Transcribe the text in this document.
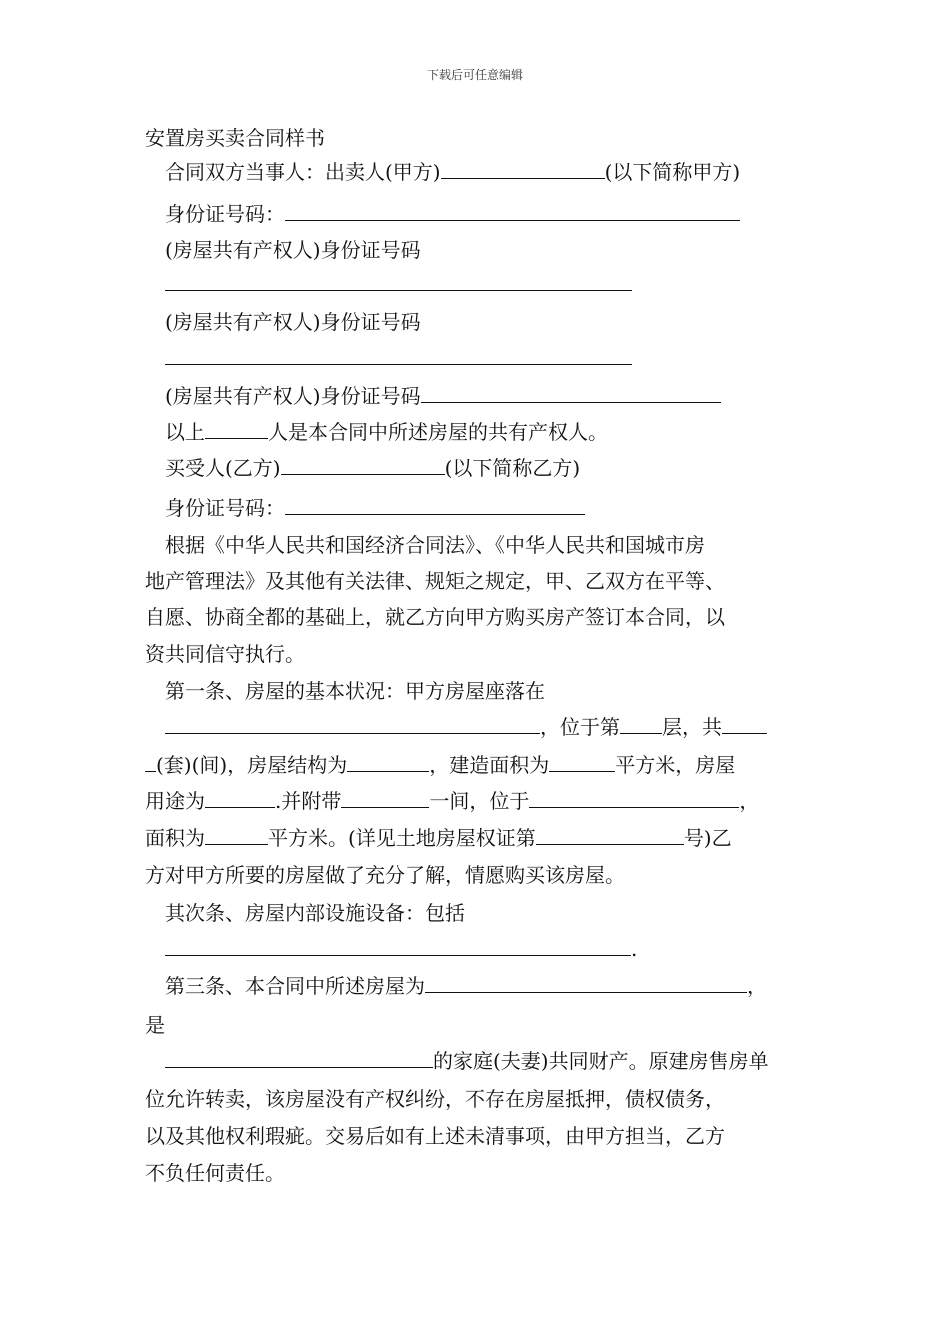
下载后可任意编辑
安置房买卖合同样书
合同双方当事人：出卖人(甲方)	(以下简称甲方)
身份证号码：
(房屋共有产权人)身份证号码
(房屋共有产权人)身份证号码
(房屋共有产权人)身份证号码
以上	人是本合同中所述房屋的共有产权人。
买受人(乙方)	(以下简称乙方)
身份证号码：
根据《中华人民共和国经济合同法》、《中华人民共和国城市房
地产管理法》及其他有关法律、规矩之规定，甲、乙双方在平等、
自愿、协商全都的基础上，就乙方向甲方购买房产签订本合同，以
资共同信守执行。
第一条、房屋的基本状况：甲方房屋座落在
，位于第 层，共
(套)(间)，房屋结构为	，建造面积为	平方米，房屋
用途为	.并附带	一间，位于	，
面积为	平方米。(详见土地房屋权证第	号)乙
方对甲方所要的房屋做了充分了解，情愿购买该房屋。
其次条、房屋内部设施设备：包括
.
第三条、本合同中所述房屋为	，
是
的家庭(夫妻)共同财产。原建房售房单
位允许转卖，该房屋没有产权纠纷，不存在房屋抵押，债权债务，
以及其他权利瑕疵。交易后如有上述未清事项，由甲方担当，乙方
不负任何责任。
